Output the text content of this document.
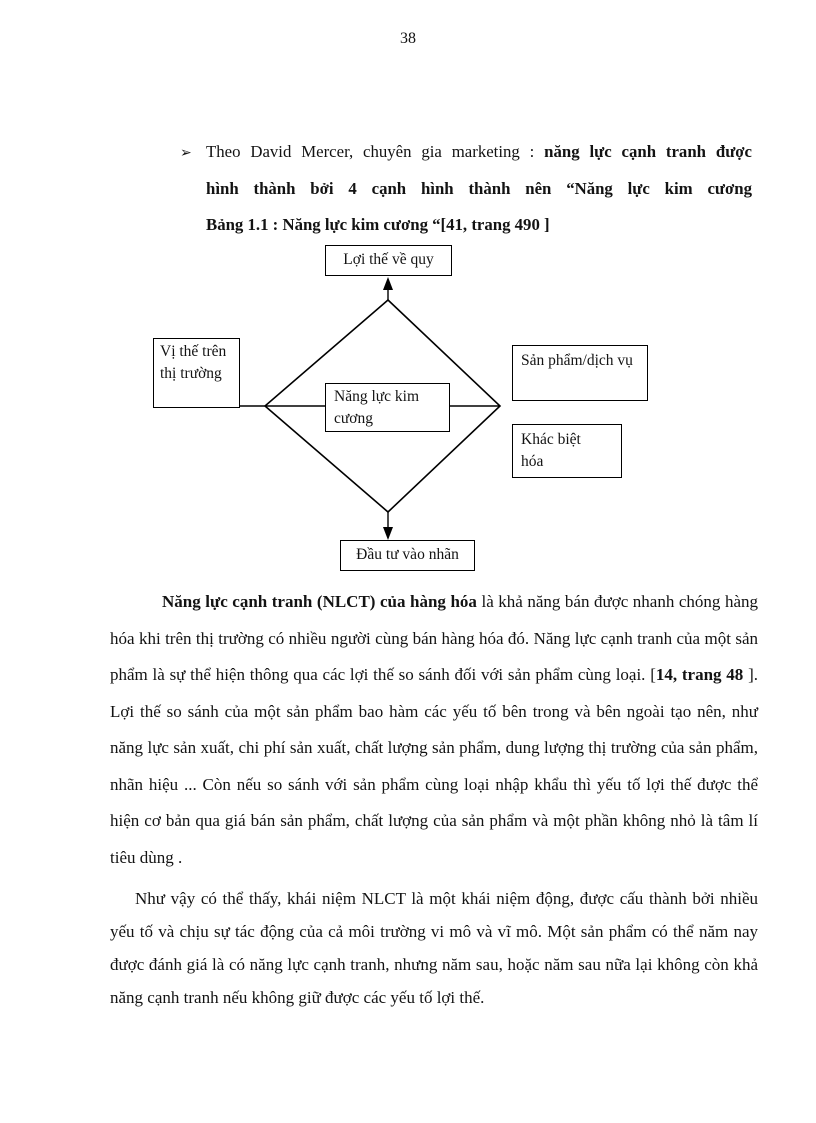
38
➢ Theo David Mercer, chuyên gia marketing : năng lực cạnh tranh được
hình thành bởi 4 cạnh hình thành nên “Năng lực kim cương
Bảng 1.1 : Năng lực kim cương “[41, trang 490 ]
Lợi thế về quy
Vị thế trên thị trường
Năng lực kim cương
Sản phẩm/dịch vụ
Khác biệt hóa
Đầu tư vào nhãn

Năng lực cạnh tranh (NLCT) của hàng hóa là khả năng bán được nhanh chóng hàng hóa khi trên thị trường có nhiều người cùng bán hàng hóa đó. Năng lực cạnh tranh của một sản phẩm là sự thể hiện thông qua các lợi thế so sánh đối với sản phẩm cùng loại. [14, trang 48 ]. Lợi thế so sánh của một sản phẩm bao hàm các yếu tố bên trong và bên ngoài tạo nên, như năng lực sản xuất, chi phí sản xuất, chất lượng sản phẩm, dung lượng thị trường của sản phẩm, nhãn hiệu ... Còn nếu so sánh với sản phẩm cùng loại nhập khẩu thì yếu tố lợi thế được thể hiện cơ bản qua giá bán sản phẩm, chất lượng của sản phẩm và một phần không nhỏ là tâm lí tiêu dùng .

Như vậy có thể thấy, khái niệm NLCT là một khái niệm động, được cấu thành bởi nhiều yếu tố và chịu sự tác động của cả môi trường vi mô và vĩ mô. Một sản phẩm có thể năm nay được đánh giá là có năng lực cạnh tranh, nhưng năm sau, hoặc năm sau nữa lại không còn khả năng cạnh tranh nếu không giữ được các yếu tố lợi thế.
